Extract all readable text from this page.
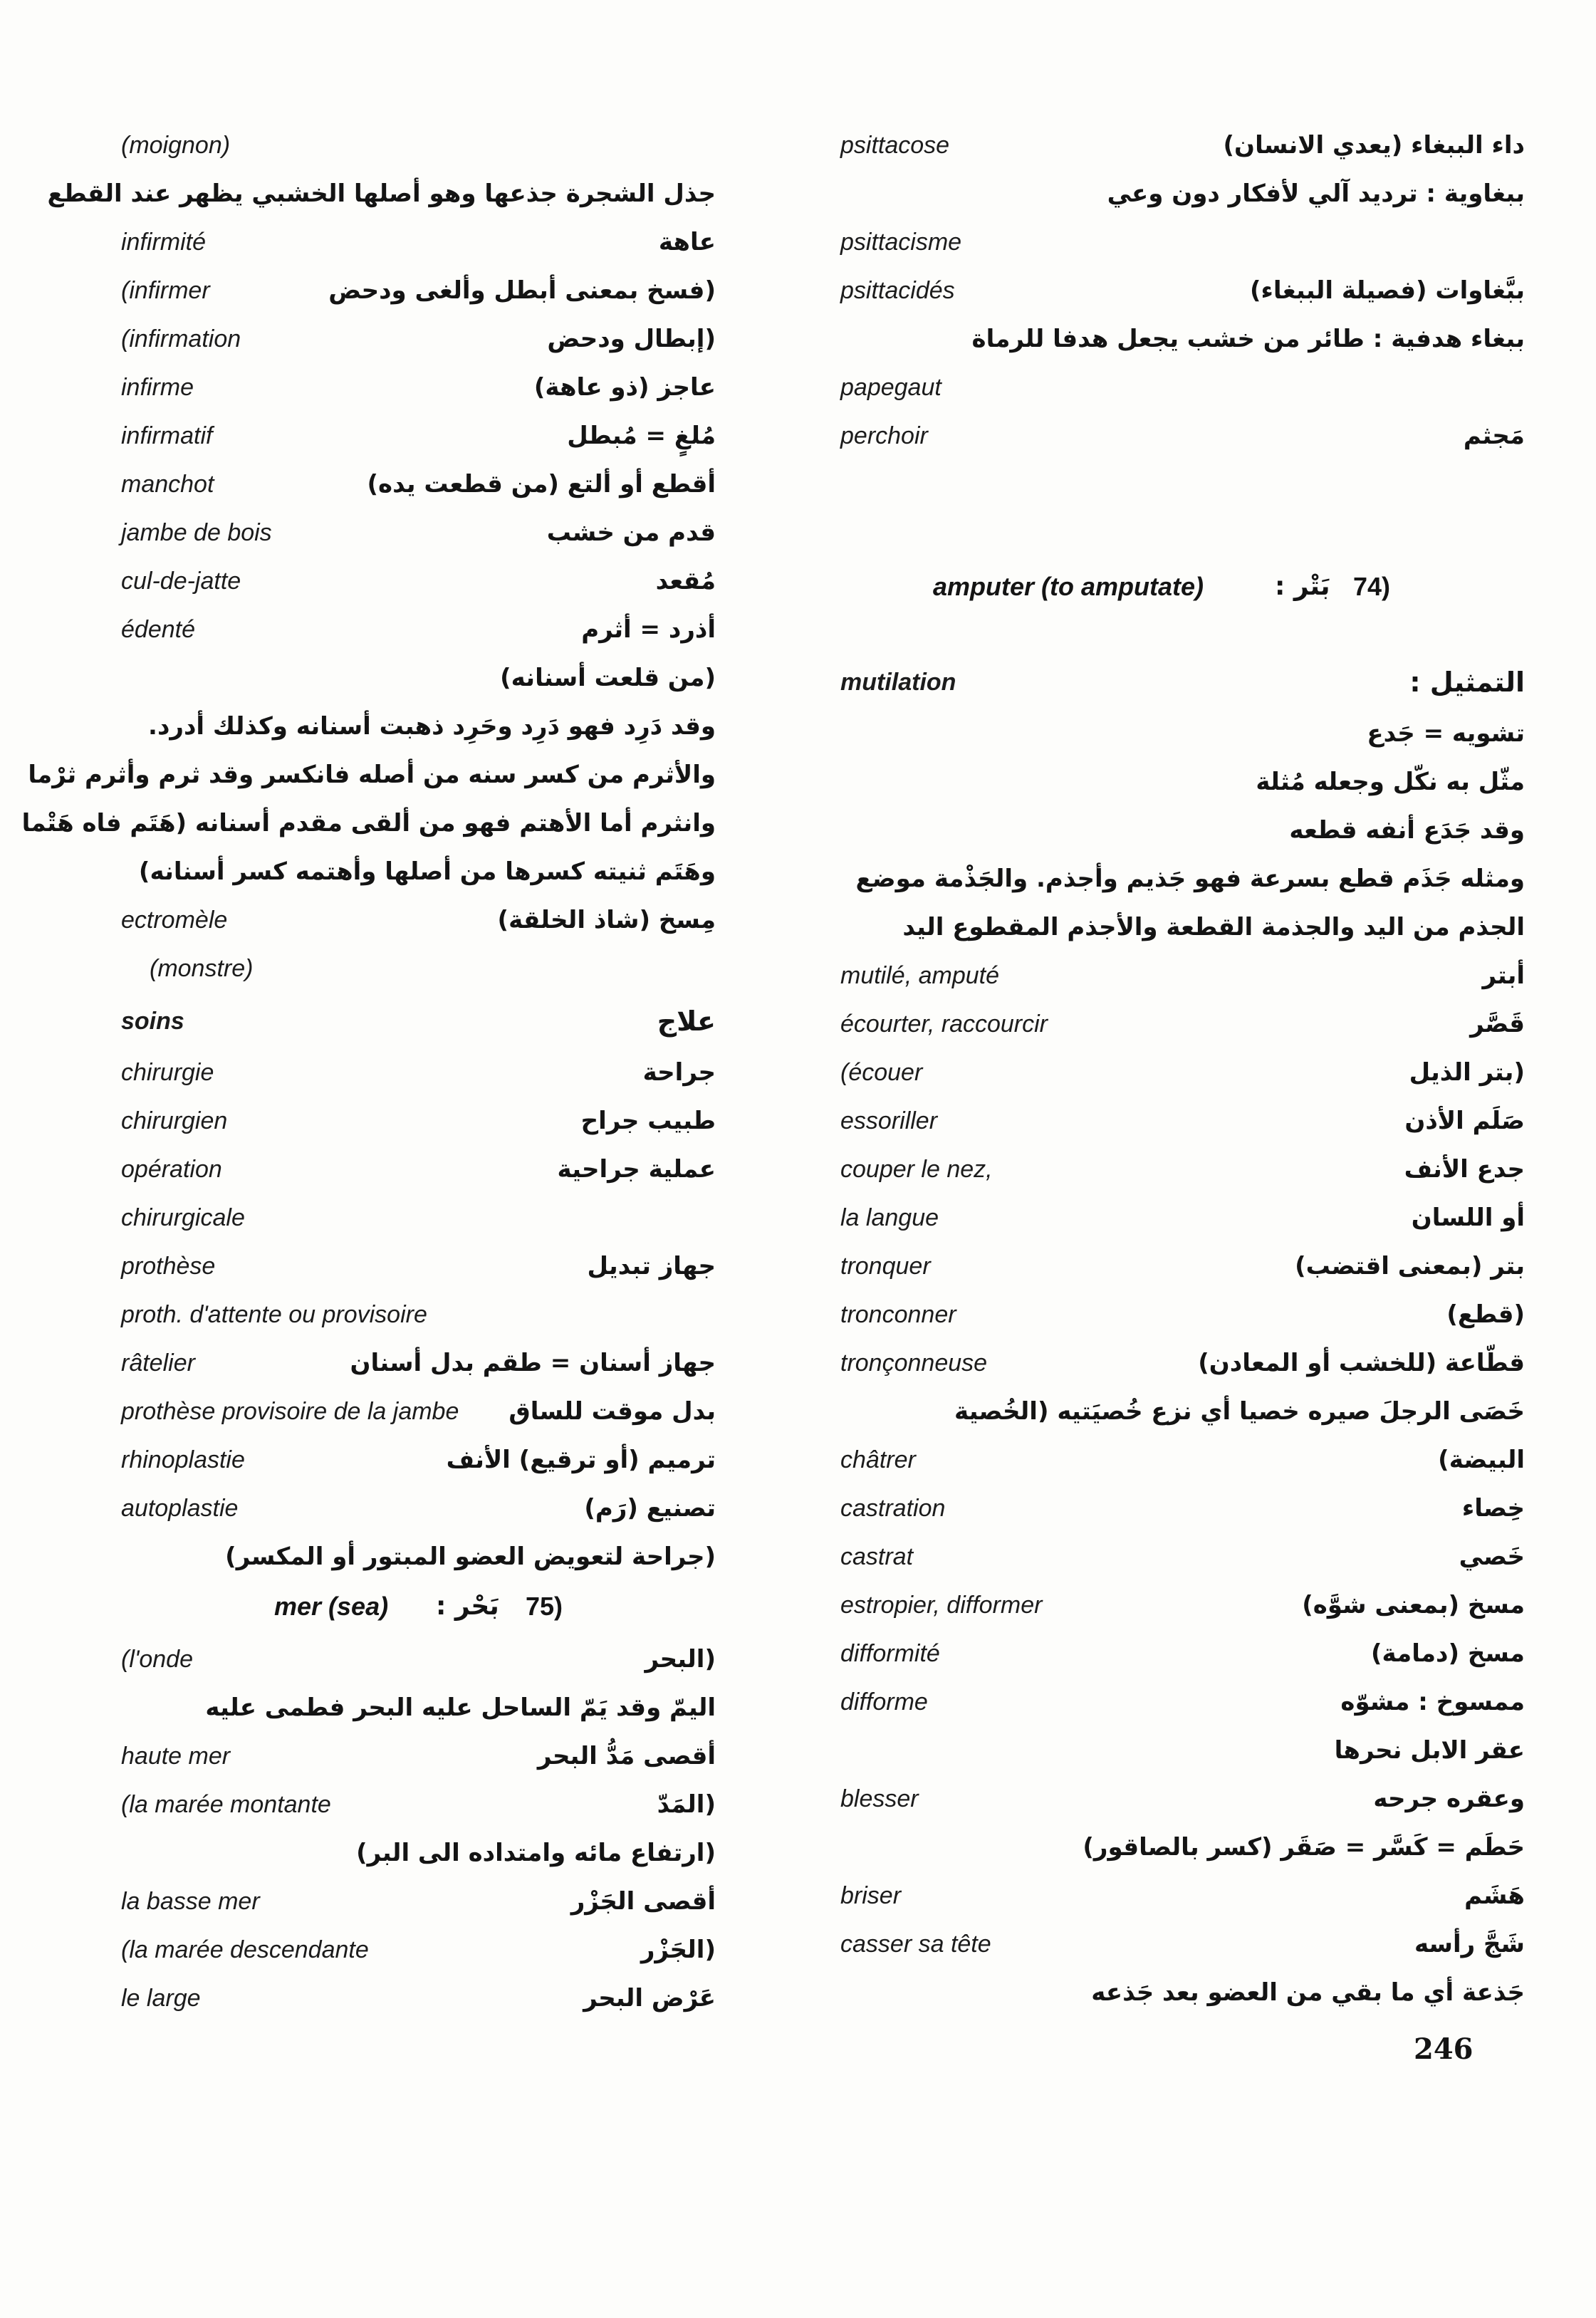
(moignon)
جذل الشجرة جذعها وهو أصلها الخشبي يظهر عند القطع
infirmité	عاهة
(infirmer	(فسخ بمعنى أبطل وألغى ودحض
(infirmation	(إبطال ودحض
infirme	عاجز (ذو عاهة)
infirmatif	مُلغٍ = مُبطل
manchot	أقطع أو ألتع (من قطعت يده)
jambe de bois	قدم من خشب
cul-de-jatte	مُقعد
édenté	أذرد = أثرم
(من قلعت أسنانه)
وقد دَرِد فهو دَرِد وحَرِد ذهبت أسنانه وكذلك أدرد.
والأثرم من كسر سنه من أصله فانكسر وقد ثرم وأثرم ثرْما
وانثرم أما الأهتم فهو من ألقى مقدم أسنانه (هَتَم فاه هَتْما
وهَتَم ثنيته كسرها من أصلها وأهتمه كسر أسنانه)
ectromèle	مِسخ (شاذ الخلقة)
(monstre)
soins	علاج
chirurgie	جراحة
chirurgien	طبيب جراح
opération	عملية جراحية
chirurgicale
prothèse	جهاز تبديل
proth. d'attente ou provisoire
râtelier	جهاز أسنان = طقم بدل أسنان
prothèse provisoire de la jambe بدل موقت للساق
rhinoplastie	ترميم (أو ترقيع) الأنف
autoplastie	تصنيع (رَم)
(جراحة لتعويض العضو المبتور أو المكسر)
mer (sea) بَحْر : 75)
(l'onde	(البحر
اليمّ وقد يَمّ الساحل عليه البحر فطمى عليه
haute mer	أقصى مَدُّ البحر
(la marée montante	(المَدّ
(ارتفاع مائه وامتداده الى البر)
la basse mer	أقصى الجَزْر
(la marée descendante	(الجَزْر
le large	عَرْض البحر
psittacose	داء الببغاء (يعدي الانسان)
ببغاوية : ترديد آلي لأفكار دون وعي
psittacisme
psittacidés	ببَّغاوات (فصيلة الببغاء)
ببغاء هدفية : طائر من خشب يجعل هدفا للرماة
papegaut
perchoir	مَجثم
amputer (to amputate)	بَتْر : 74)
mutilation	التمثيل :
تشويه = جَدع
مثّل به نكّل وجعله مُثلة
وقد جَدَع أنفه قطعه
ومثله جَذَم قطع بسرعة فهو جَذيم وأجذم. والجَذْمة موضع
الجذم من اليد والجذمة القطعة والأجذم المقطوع اليد
mutilé, amputé	أبتر
écourter, raccourcir	قَصَّر
(écouer	(بتر الذيل
essoriller	صَلَم الأذن
couper le nez,	جدع الأنف
la langue	أو اللسان
tronquer	بتر (بمعنى اقتضب)
tronconner	(قطع)
tronçonneuse	قطّاعة (للخشب أو المعادن)
خَصَى الرجلَ صيره خصيا أي نزع خُصيَتيه (الخُصية
châtrer	البيضة)
castration	خِصاء
castrat	خَصي
estropier, difformer	مسخ (بمعنى شوَّه)
difformité	مسخ (دمامة)
difforme	ممسوخ : مشوّه
عقر الابل نحرها
blesser	وعقره جرحه
حَطَم = كَسَّر = صَقَر (كسر بالصاقور)
briser	هَشَم
casser sa tête	شَجَّ رأسه
جَذعة أي ما بقي من العضو بعد جَذعه
246
